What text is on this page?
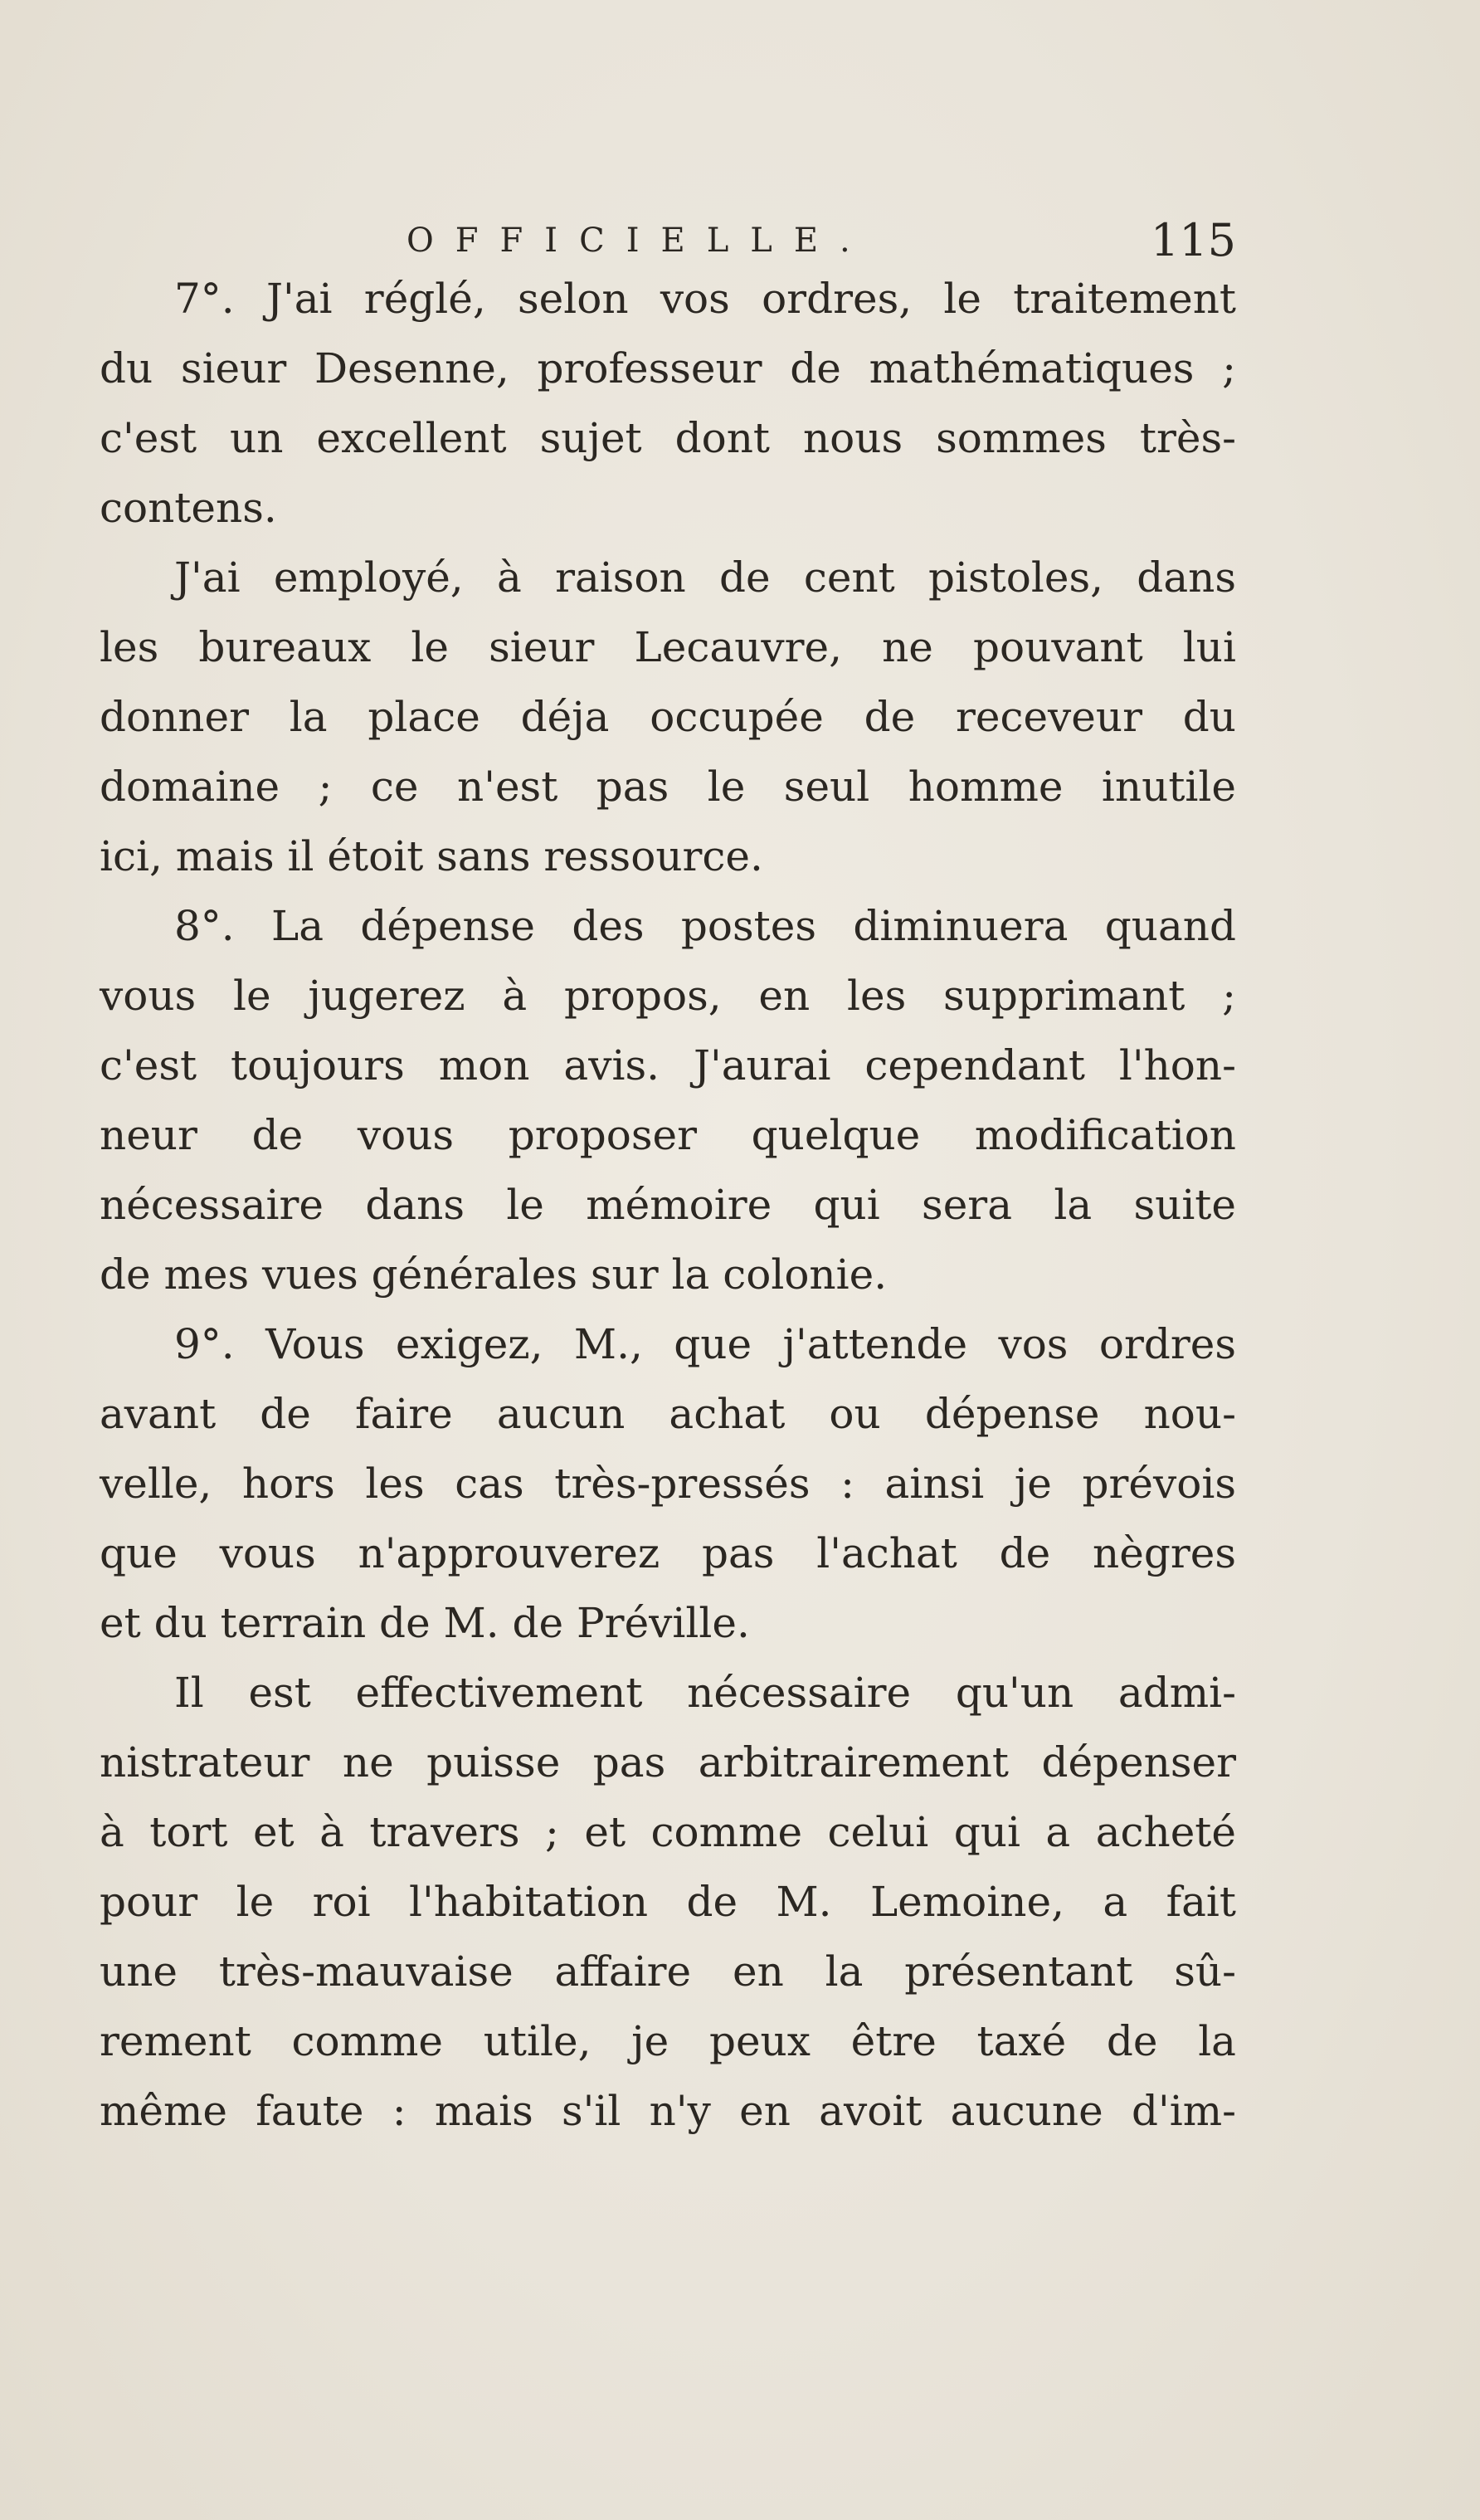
OFFICIELLE.	115
7°. J'ai réglé, selon vos ordres, le traitement
du sieur Desenne, professeur de mathématiques ;
c'est un excellent sujet dont nous sommes très-
contens.
J'ai employé, à raison de cent pistoles, dans
les bureaux le sieur Lecauvre, ne pouvant lui
donner la place déja occupée de receveur du
domaine ; ce n'est pas le seul homme inutile
ici, mais il étoit sans ressource.
8°. La dépense des postes diminuera quand
vous le jugerez à propos, en les supprimant ;
c'est toujours mon avis. J'aurai cependant l'hon-
neur de vous proposer quelque modification
nécessaire dans le mémoire qui sera la suite
de mes vues générales sur la colonie.
9°. Vous exigez, M., que j'attende vos ordres
avant de faire aucun achat ou dépense nou-
velle, hors les cas très-pressés : ainsi je prévois
que vous n'approuverez pas l'achat de nègres
et du terrain de M. de Préville.
Il est effectivement nécessaire qu'un admi-
nistrateur ne puisse pas arbitrairement dépenser
à tort et à travers ; et comme celui qui a acheté
pour le roi l'habitation de M. Lemoine, a fait
une très-mauvaise affaire en la présentant sû-
rement comme utile, je peux être taxé de la
même faute : mais s'il n'y en avoit aucune d'im-
